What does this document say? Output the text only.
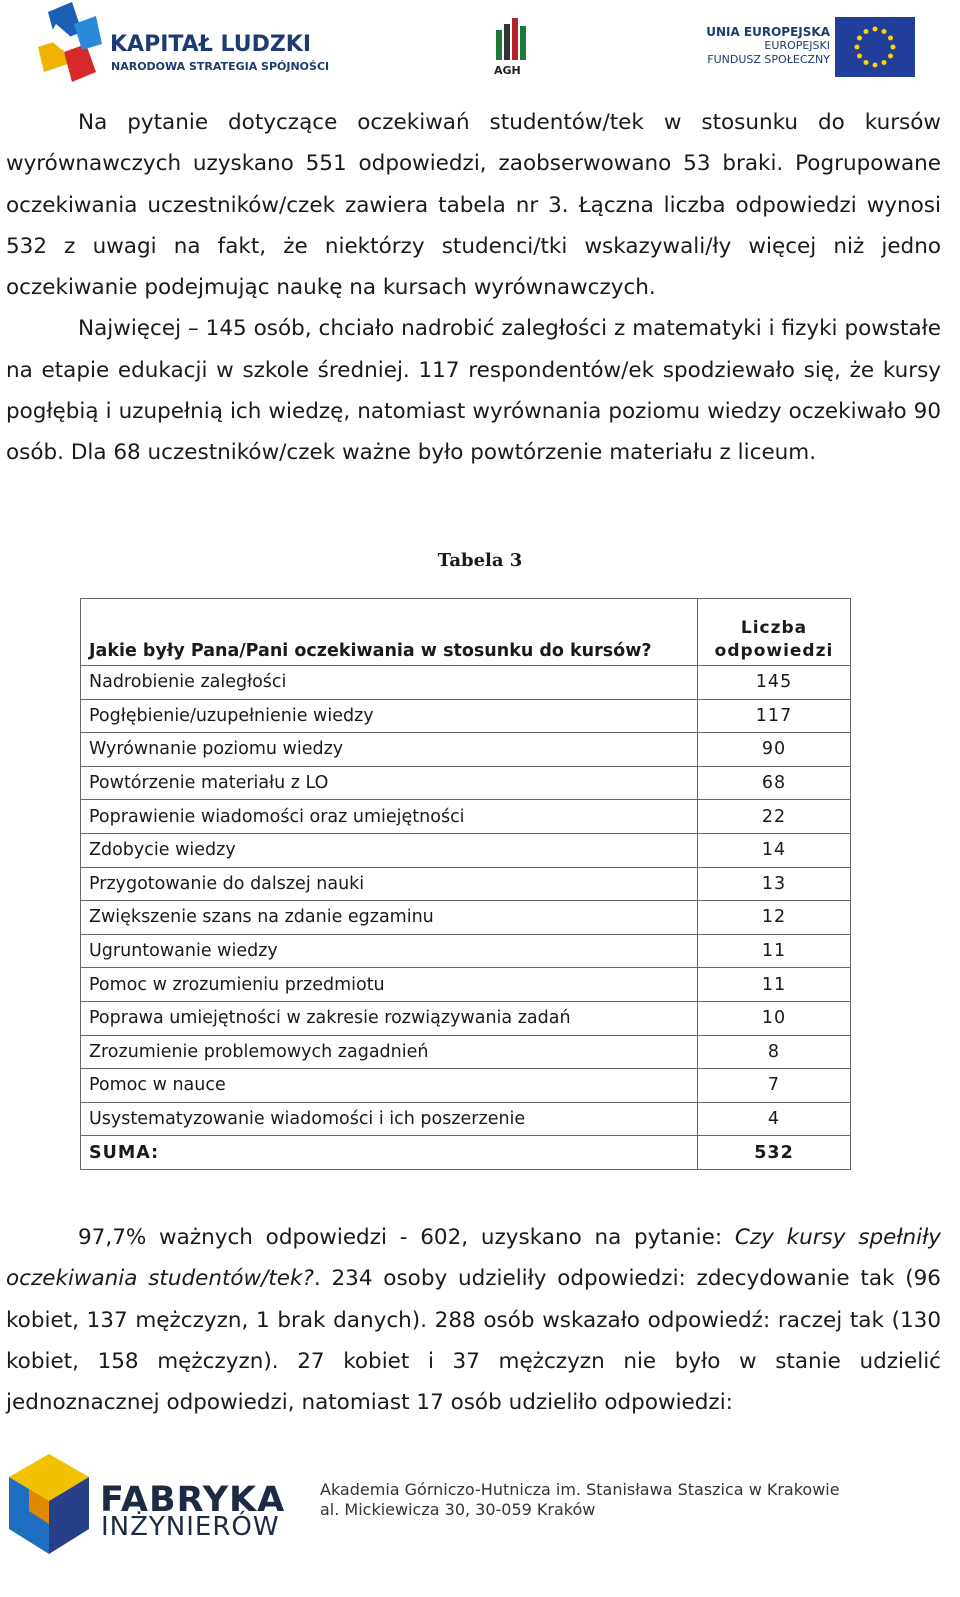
KAPITAŁ LUDZKI
NARODOWA STRATEGIA SPÓJNOŚCI	AGH
UNIA EUROPEJSKA
EUROPEJSKI
FUNDUSZ SPOŁECZNY

Na pytanie dotyczące oczekiwań studentów/tek w stosunku do kursów wyrównawczych uzyskano 551 odpowiedzi, zaobserwowano 53 braki. Pogrupowane oczekiwania uczestników/czek zawiera tabela nr 3. Łączna liczba odpowiedzi wynosi 532 z uwagi na fakt, że niektórzy studenci/tki wskazywali/ły więcej niż jedno oczekiwanie podejmując naukę na kursach wyrównawczych.

Najwięcej – 145 osób, chciało nadrobić zaległości z matematyki i fizyki powstałe na etapie edukacji w szkole średniej. 117 respondentów/ek spodziewało się, że kursy pogłębią i uzupełnią ich wiedzę, natomiast wyrównania poziomu wiedzy oczekiwało 90 osób. Dla 68 uczestników/czek ważne było powtórzenie materiału z liceum.

Tabela 3
Jakie były Pana/Pani oczekiwania w stosunku do kursów?	Liczba odpowiedzi
Nadrobienie zaległości	145
Pogłębienie/uzupełnienie wiedzy	117
Wyrównanie poziomu wiedzy	90
Powtórzenie materiału z LO	68
Poprawienie wiadomości oraz umiejętności	22
Zdobycie wiedzy	14
Przygotowanie do dalszej nauki	13
Zwiększenie szans na zdanie egzaminu	12
Ugruntowanie wiedzy	11
Pomoc w zrozumieniu przedmiotu	11
Poprawa umiejętności w zakresie rozwiązywania zadań	10
Zrozumienie problemowych zagadnień	8
Pomoc w nauce	7
Usystematyzowanie wiadomości i ich poszerzenie	4
SUMA:	532

97,7% ważnych odpowiedzi - 602, uzyskano na pytanie: Czy kursy spełniły oczekiwania studentów/tek?. 234 osoby udzieliły odpowiedzi: zdecydowanie tak (96 kobiet, 137 mężczyzn, 1 brak danych). 288 osób wskazało odpowiedź: raczej tak (130 kobiet, 158 mężczyzn). 27 kobiet i 37 mężczyzn nie było w stanie udzielić jednoznacznej odpowiedzi, natomiast 17 osób udzieliło odpowiedzi:

FABRYKA
INŻYNIERÓW
Akademia Górniczo-Hutnicza im. Stanisława Staszica w Krakowie
al. Mickiewicza 30, 30-059 Kraków
